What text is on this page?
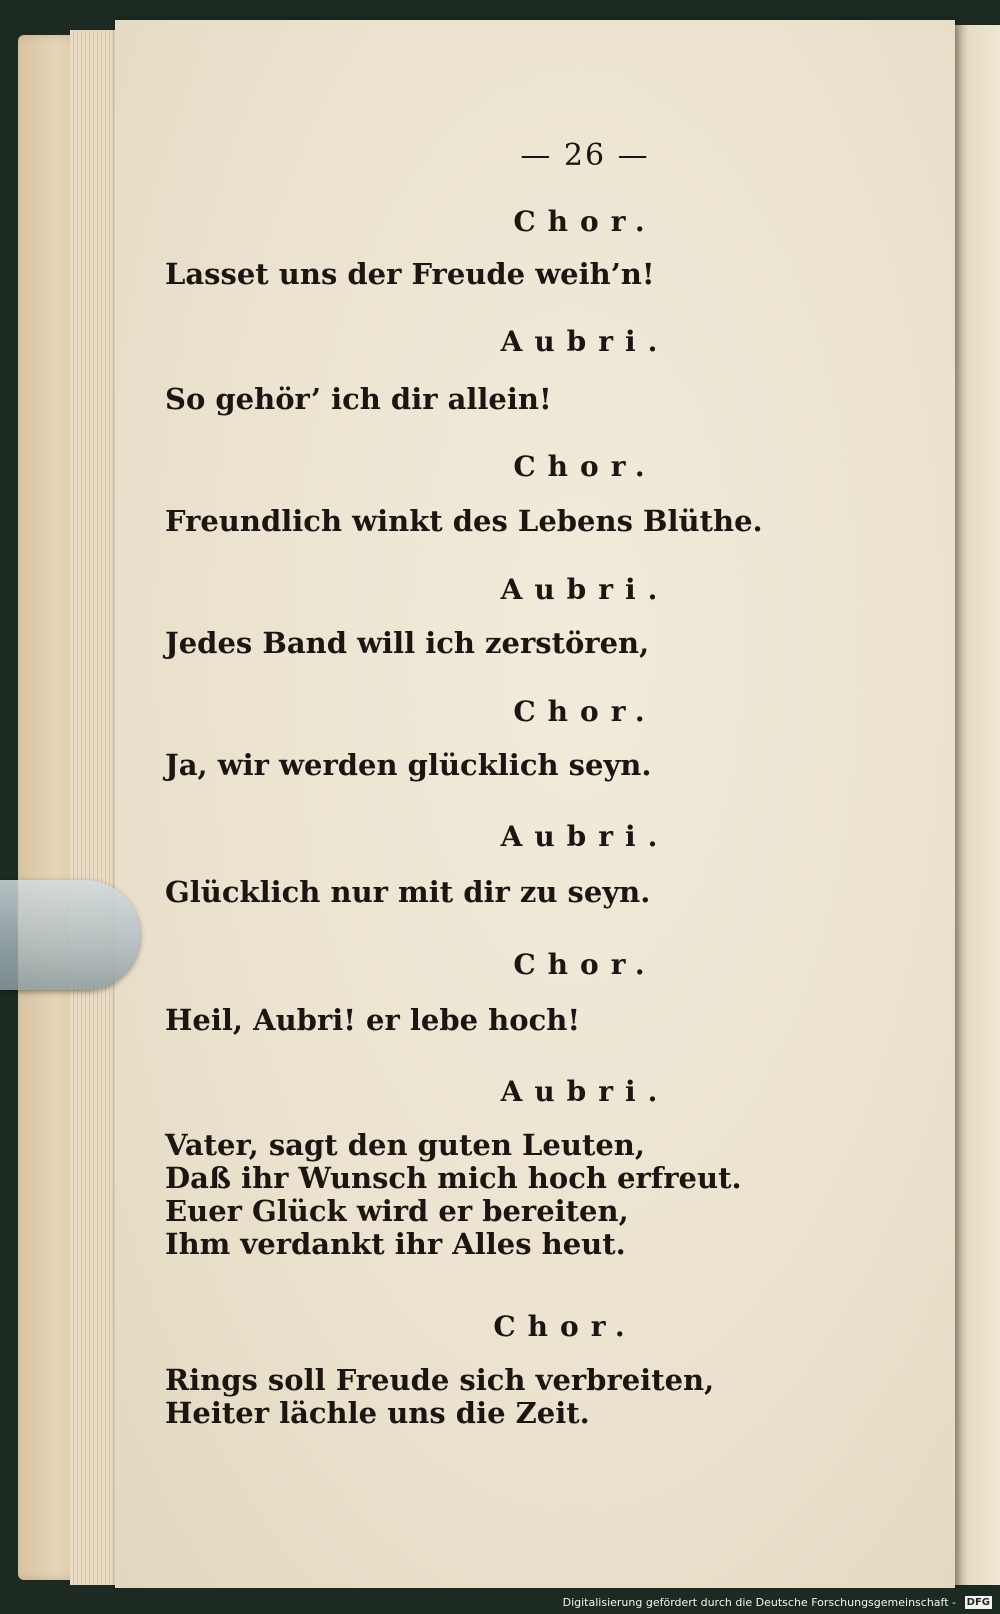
— 26 —
Chor.
Lasset uns der Freude weih’n!
Aubri.
So gehör’ ich dir allein!
Chor.
Freundlich winkt des Lebens Blüthe.
Aubri.
Jedes Band will ich zerstören,
Chor.
Ja, wir werden glücklich seyn.
Aubri.
Glücklich nur mit dir zu seyn.
Chor.
Heil, Aubri! er lebe hoch!
Aubri.
Vater, sagt den guten Leuten,
Daß ihr Wunsch mich hoch erfreut.
Euer Glück wird er bereiten,
Ihm verdankt ihr Alles heut.
Chor.
Rings soll Freude sich verbreiten,
Heiter lächle uns die Zeit.
Digitalisierung gefördert durch die Deutsche Forschungsgemeinschaft - DFG
